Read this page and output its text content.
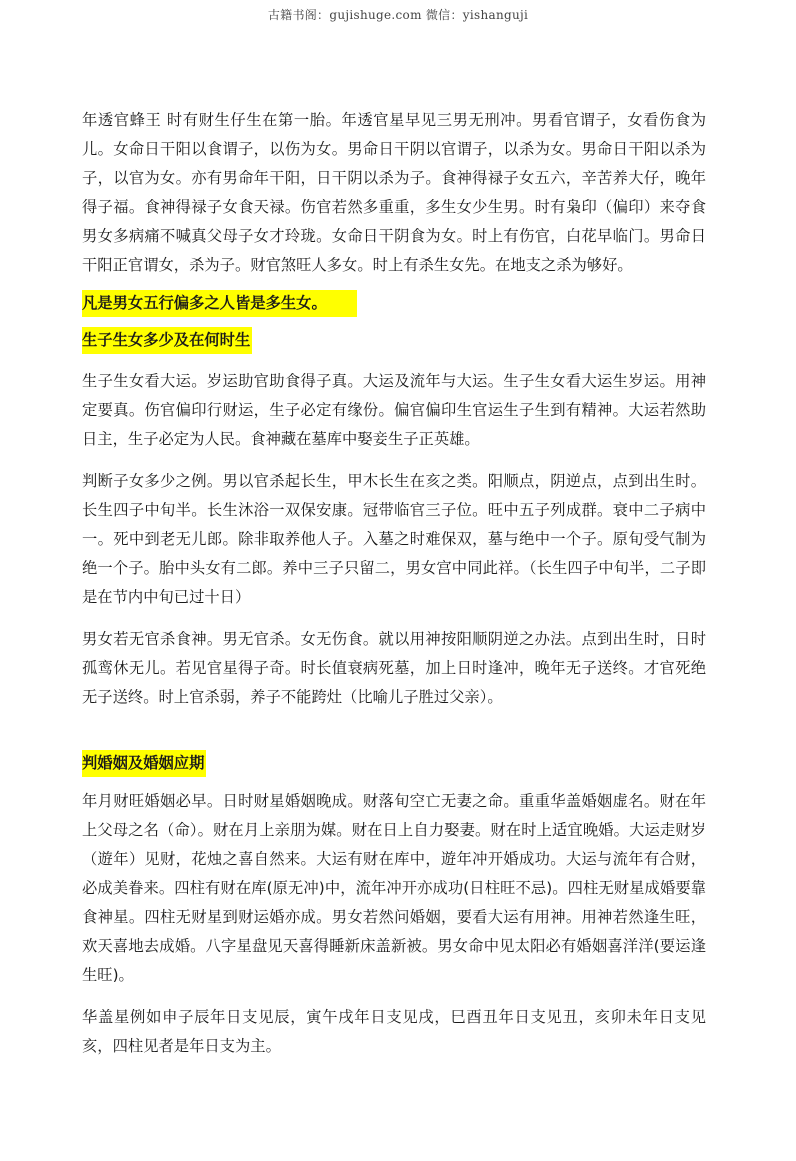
古籍书阁：gujishuge.com 微信：yishanguji

年透官蜂王 时有财生仔生在第一胎。年透官星早见三男无刑冲。男看官谓子，女看伤食为儿。女命日干阳以食谓子，以伤为女。男命日干阴以官谓子，以杀为女。男命日干阳以杀为子，以官为女。亦有男命年干阳，日干阴以杀为子。食神得禄子女五六，辛苦养大仔，晚年得子福。食神得禄子女食天禄。伤官若然多重重，多生女少生男。时有枭印（偏印）来夺食男女多病痛不喊真父母子女才玲珑。女命日干阴食为女。时上有伤官，白花早临门。男命日干阳正官谓女，杀为子。财官煞旺人多女。时上有杀生女先。在地支之杀为够好。

凡是男女五行偏多之人皆是多生女。
生子生女多少及在何时生

生子生女看大运。岁运助官助食得子真。大运及流年与大运。生子生女看大运生岁运。用神定要真。伤官偏印行财运，生子必定有缘份。偏官偏印生官运生子生到有精神。大运若然助日主，生子必定为人民。食神藏在墓库中娶妾生子正英雄。

判断子女多少之例。男以官杀起长生，甲木长生在亥之类。阳顺点，阴逆点，点到出生时。长生四子中旬半。长生沐浴一双保安康。冠带临官三子位。旺中五子列成群。衰中二子病中一。死中到老无儿郎。除非取养他人子。入墓之时难保双，墓与绝中一个子。原旬受气制为绝一个子。胎中头女有二郎。养中三子只留二，男女宫中同此祥。（长生四子中旬半，二子即是在节内中旬已过十日）

男女若无官杀食神。男无官杀。女无伤食。就以用神按阳顺阴逆之办法。点到出生时，日时孤鸾休无儿。若见官星得子奇。时长值衰病死墓，加上日时逢冲，晚年无子送终。才官死绝无子送终。时上官杀弱，养子不能跨灶（比喻儿子胜过父亲）。

判婚姻及婚姻应期

年月财旺婚姻必早。日时财星婚姻晚成。财落旬空亡无妻之命。重重华盖婚姻虚名。财在年上父母之名（命）。财在月上亲朋为媒。财在日上自力娶妻。财在时上适宜晚婚。大运走财岁（遊年）见财，花烛之喜自然来。大运有财在库中，遊年冲开婚成功。大运与流年有合财，必成美眷来。四柱有财在库(原无冲)中，流年冲开亦成功(日柱旺不忌)。四柱无财星成婚要靠食神星。四柱无财星到财运婚亦成。男女若然问婚姻，要看大运有用神。用神若然逢生旺，欢天喜地去成婚。八字星盘见天喜得睡新床盖新被。男女命中见太阳必有婚姻喜洋洋(要运逢生旺)。

华盖星例如申子辰年日支见辰，寅午戌年日支见戌，巳酉丑年日支见丑，亥卯未年日支见亥，四柱见者是年日支为主。
